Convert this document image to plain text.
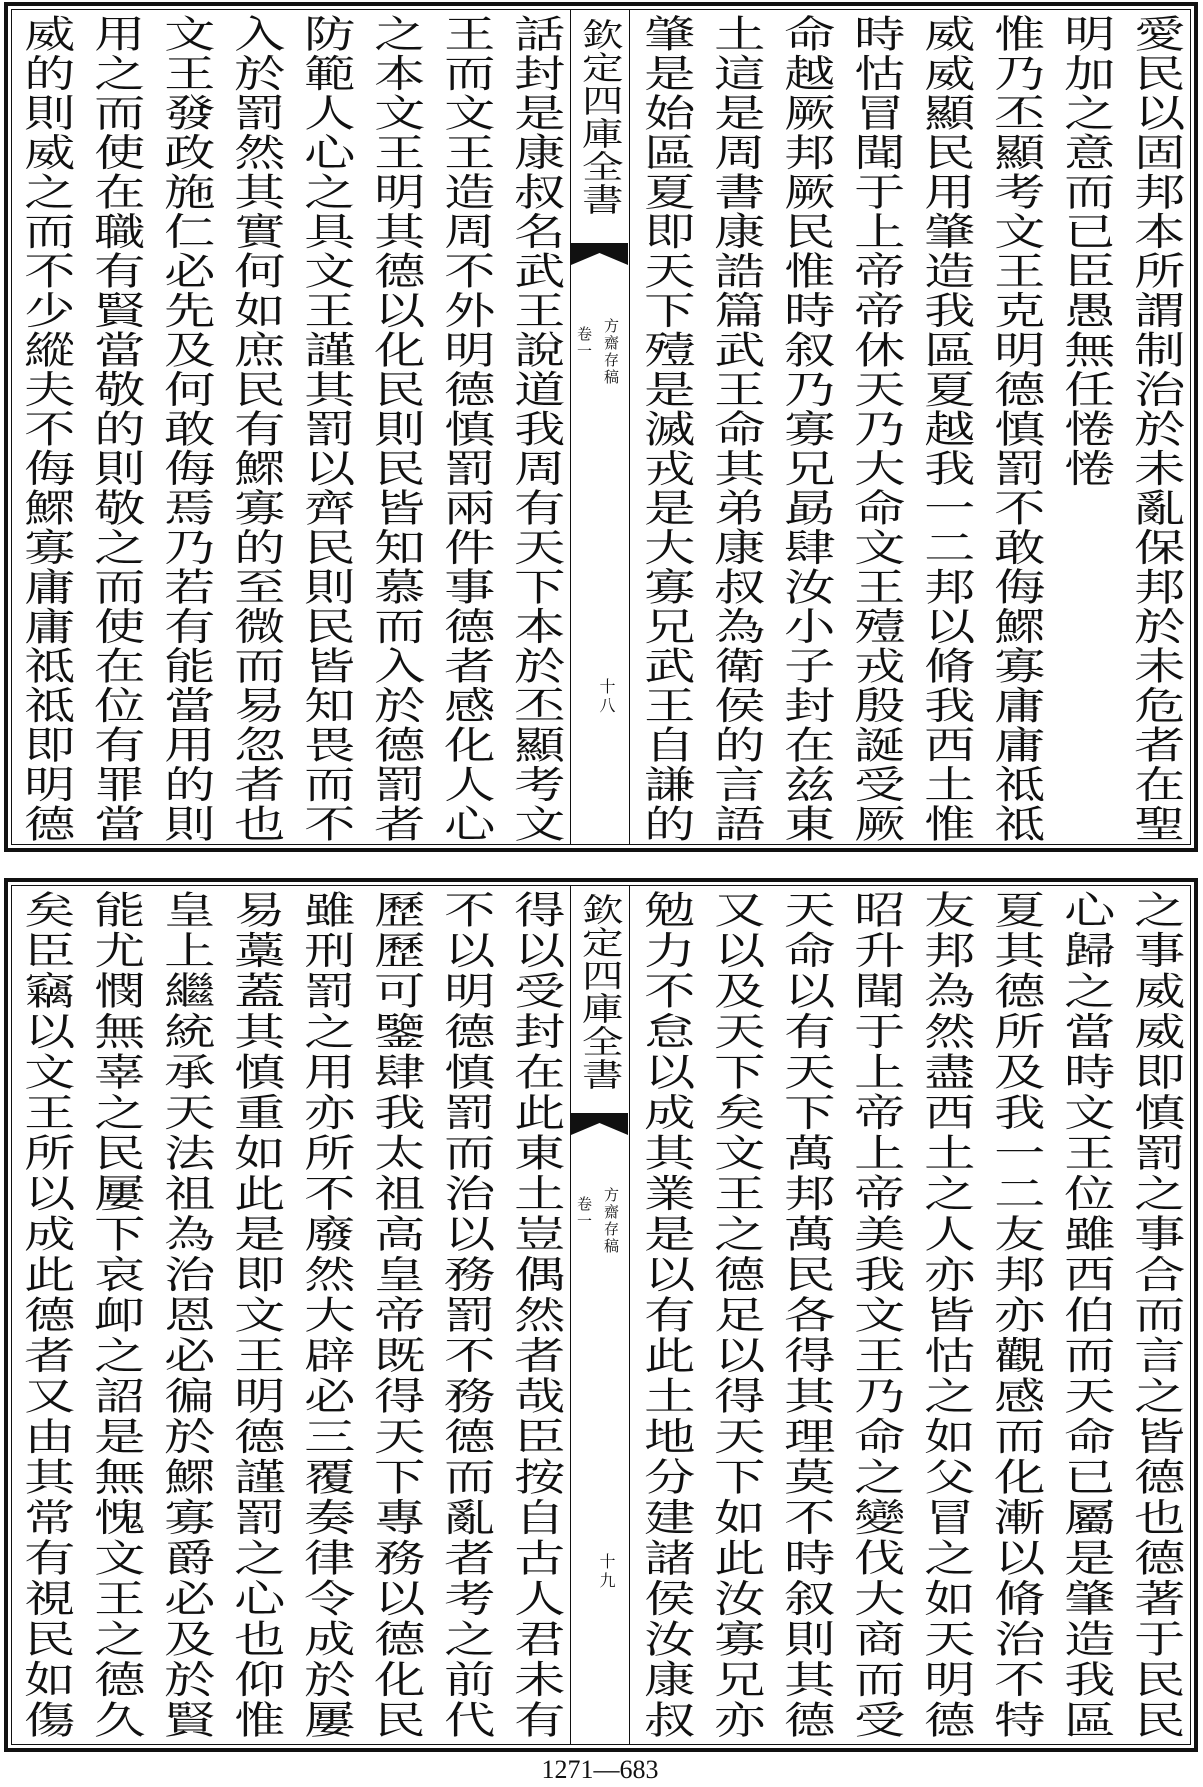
愛民以固邦本所謂制治於未亂保邦於未危者在聖
明加之意而已臣愚無任惓惓
惟乃丕顯考文王克明德慎罰不敢侮鰥寡庸庸祗祗
威威顯民用肇造我區夏越我一二邦以脩我西土惟
時怙冒聞于上帝帝休天乃大命文王殪戎殷誕受厥
命越厥邦厥民惟時叙乃寡兄勗肆汝小子封在兹東
土這是周書康誥篇武王命其弟康叔為衛侯的言語
肇是始區夏即天下殪是滅戎是大寡兄武王自謙的
欽定四庫全書
方齋存稿
卷一
十八
話封是康叔名武王說道我周有天下本於丕顯考文
王而文王造周不外明德慎罰兩件事德者感化人心
之本文王明其德以化民則民皆知慕而入於德罰者
防範人心之具文王謹其罰以齊民則民皆知畏而不
入於罰然其實何如庶民有鰥寡的至微而易忽者也
文王發政施仁必先及何敢侮焉乃若有能當用的則
用之而使在職有賢當敬的則敬之而使在位有罪當
威的則威之而不少縱夫不侮鰥寡庸庸祗祗即明德
之事威威即慎罰之事合而言之皆德也德著于民民
心歸之當時文王位雖西伯而天命已屬是肇造我區
夏其德所及我一二友邦亦觀感而化漸以脩治不特
友邦為然盡西土之人亦皆怙之如父冒之如天明德
昭升聞于上帝上帝美我文王乃命之變伐大商而受
天命以有天下萬邦萬民各得其理莫不時叙則其德
又以及天下矣文王之德足以得天下如此汝寡兄亦
勉力不怠以成其業是以有此土地分建諸侯汝康叔
欽定四庫全書
方齋存稿
卷一
十九
得以受封在此東土豈偶然者哉臣按自古人君未有
不以明德慎罰而治以務罰不務德而亂者考之前代
歷歷可鑒肆我太祖高皇帝既得天下專務以德化民
雖刑罰之用亦所不廢然大辟必三覆奏律令成於屢
易藁蓋其慎重如此是即文王明德謹罰之心也仰惟
皇上繼統承天法祖為治恩必徧於鰥寡爵必及於賢
能尤憫無辜之民屢下哀卹之詔是無愧文王之德久
矣臣竊以文王所以成此德者又由其常有視民如傷
1271—683
